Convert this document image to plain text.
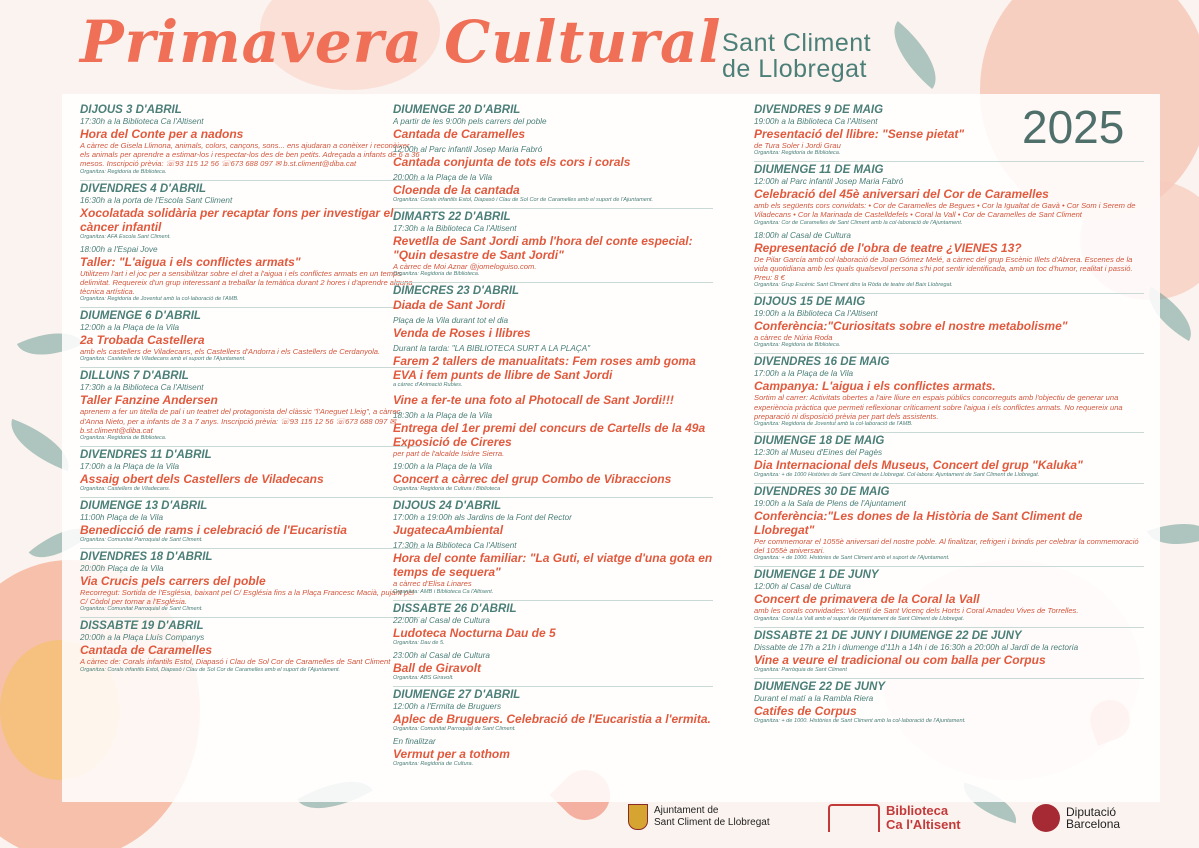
Primavera Cultural Sant Climent
de Llobregat
2025
DIJOUS 3 D'ABRIL
17:30h a la Biblioteca Ca l'Altisent
Hora del Conte per a nadons
A càrrec de Gisela Llimona, animals, colors, cançons, sons... ens ajudaran a conèixer i reconèixer els animals per aprendre a estimar-los i respectar-los des de ben petits. Adreçada a infants de 6 a 36 mesos. Inscripció prèvia: ☏93 115 12 56 ☏673 688 097 ✉ b.st.climent@diba.cat
Organitza: Regidoria de Biblioteca.
DIVENDRES 4 D'ABRIL
16:30h a la porta de l'Escola Sant Climent
Xocolatada solidària per recaptar fons per investigar el càncer infantil
Organitza: AFA Escola Sant Climent.
18:00h a l'Espai Jove
Taller: "L'aigua i els conflictes armats"
Utilitzem l'art i el joc per a sensibilitzar sobre el dret a l'aigua i els conflictes armats en un temps delimitat. Requereix d'un grup interessant a treballar la temàtica durant 2 hores i d'aprendre alguna tècnica artística.
Organitza: Regidoria de Joventut amb la col·laboració de l'AMB.
DIUMENGE 6 D'ABRIL
12:00h a la Plaça de la Vila
2a Trobada Castellera
amb els castellers de Viladecans, els Castellers d'Andorra i els Castellers de Cerdanyola.
Organitza: Castellers de Viladecans amb el suport de l'Ajuntament.
DILLUNS 7 D'ABRIL
17:30h a la Biblioteca Ca l'Altisent
Taller Fanzine Andersen
aprenem a fer un titella de pal i un teatret del protagonista del clàssic "l'Aneguet Lleig", a càrrec d'Anna Nieto, per a infants de 3 a 7 anys. Inscripció prèvia: ☏93 115 12 56 ☏673 688 097 ✉ b.st.climent@diba.cat
Organitza: Regidoria de Biblioteca.
DIVENDRES 11 D'ABRIL
17:00h a la Plaça de la Vila
Assaig obert dels Castellers de Viladecans
Organitza: Castellers de Viladecans.
DIUMENGE 13 D'ABRIL
11:00h Plaça de la Vila
Benedicció de rams i celebració de l'Eucaristia
Organitza: Comunitat Parroquial de Sant Climent.
DIVENDRES 18 D'ABRIL
20:00h Plaça de la Vila
Via Crucis pels carrers del poble
Recorregut: Sortida de l'Església, baixant pel C/ Església fins a la Plaça Francesc Macià, pujant pel C/ Còdol per tornar a l'Església.
Organitza: Comunitat Parroquial de Sant Climent.
DISSABTE 19 D'ABRIL
20:00h a la Plaça Lluís Companys
Cantada de Caramelles
A càrrec de: Corals infantils Estol, Diapasó i Clau de Sol Cor de Caramelles de Sant Climent
Organitza: Corals infantils Estol, Diapasó i Clau de Sol Cor de Caramelles amb el suport de l'Ajuntament.
DIUMENGE 20 D'ABRIL
A partir de les 9:00h pels carrers del poble
Cantada de Caramelles
12:00h al Parc infantil Josep Maria Fabró
Cantada conjunta de tots els cors i corals
20:00h a la Plaça de la Vila
Cloenda de la cantada
Organitza: Corals infantils Estol, Diapasó i Clau de Sol Cor de Caramelles amb el suport de l'Ajuntament.
DIMARTS 22 D'ABRIL
17:30h a la Biblioteca Ca l'Altisent
Revetlla de Sant Jordi amb l'hora del conte especial: "Quin desastre de Sant Jordi"
A càrrec de Moi Aznar @jomeloguiso.com.
Organitza: Regidoria de Biblioteca.
DIMECRES 23 D'ABRIL
Diada de Sant Jordi
Plaça de la Vila durant tot el dia
Venda de Roses i llibres
Durant la tarda: "LA BIBLIOTECA SURT A LA PLAÇA"
Farem 2 tallers de manualitats: Fem roses amb goma EVA i fem punts de llibre de Sant Jordi
a càrrec d'Animació Rubies.
Vine a fer-te una foto al Photocall de Sant Jordi!!!
18:30h a la Plaça de la Vila
Entrega del 1er premi del concurs de Cartells de la 49a Exposició de Cireres
per part de l'alcalde Isidre Sierra.
19:00h a la Plaça de la Vila
Concert a càrrec del grup Combo de Vibraccions
Organitza: Regidoria de Cultura i Biblioteca
DIJOUS 24 D'ABRIL
17:00h a 19:00h als Jardins de la Font del Rector
JugatecaAmbiental
17:30h a la Biblioteca Ca l'Altisent
Hora del conte familiar: "La Guti, el viatge d'una gota en temps de sequera"
a càrrec d'Elisa Linares
Organitza: AMB i Biblioteca Ca l'Altisent.
DISSABTE 26 D'ABRIL
22:00h al Casal de Cultura
Ludoteca Nocturna Dau de 5
Organitza: Dau de 5.
23:00h al Casal de Cultura
Ball de Giravolt
Organitza: ABS Giravolt.
DIUMENGE 27 D'ABRIL
12:00h a l'Ermita de Bruguers
Aplec de Bruguers. Celebració de l'Eucaristia a l'ermita.
Organitza: Comunitat Parroquial de Sant Climent.
En finalitzar
Vermut per a tothom
Organitza: Regidoria de Cultura.
DIVENDRES 9 DE MAIG
19:00h a la Biblioteca Ca l'Altisent
Presentació del llibre: "Sense pietat"
de Tura Soler i Jordi Grau
Organitza: Regidoria de Biblioteca.
DIUMENGE 11 DE MAIG
12:00h al Parc infantil Josep Maria Fabró
Celebració del 45è aniversari del Cor de Caramelles
amb els següents cors convidats: • Cor de Caramelles de Begues • Cor la Igualtat de Gavà • Cor Som i Serem de Viladecans • Cor la Marinada de Castelldefels • Coral la Vall • Cor de Caramelles de Sant Climent
Organitza: Cor de Caramelles de Sant Climent amb la col·laboració de l'Ajuntament.
18:00h al Casal de Cultura
Representació de l'obra de teatre ¿VIENES 13?
De Pilar García amb col·laboració de Joan Gómez Melé, a càrrec del grup Escènic Illets d'Abrera. Escenes de la vida quotidiana amb les quals qualsevol persona s'hi pot sentir identificada, amb un toc d'humor, realitat i passió. Preu: 8 €
Organitza: Grup Escènic Sant Climent dins la Ròda de teatre del Baix Llobregat.
DIJOUS 15 DE MAIG
19:00h a la Biblioteca Ca l'Altisent
Conferència:"Curiositats sobre el nostre metabolisme"
a càrrec de Núria Roda
Organitza: Regidoria de Biblioteca.
DIVENDRES 16 DE MAIG
17:00h a la Plaça de la Vila
Campanya: L'aigua i els conflictes armats.
Sortim al carrer: Activitats obertes a l'aire lliure en espais públics concorreguts amb l'objectiu de generar una experiència pràctica que permeti reflexionar críticament sobre l'aigua i els conflictes armats. No requereix una preparació ni disposició prèvia per part dels assistents.
Organitza: Regidoria de Joventut amb la col·laboració de l'AMB.
DIUMENGE 18 DE MAIG
12:30h al Museu d'Eines del Pagès
Dia Internacional dels Museus, Concert del grup "Kaluka"
Organitza: + de 1000 Històries de Sant Climent de Llobregat. Col·labora: Ajuntament de Sant Climent de Llobregat.
DIVENDRES 30 DE MAIG
19:00h a la Sala de Plens de l'Ajuntament
Conferència:"Les dones de la Història de Sant Climent de Llobregat"
Per commemorar el 1055è aniversari del nostre poble. Al finalitzar, refrigeri i brindis per celebrar la commemoració del 1055è aniversari.
Organitza: + de 1000. Històries de Sant Climent amb el suport de l'Ajuntament.
DIUMENGE 1 DE JUNY
12:00h al Casal de Cultura
Concert de primavera de la Coral la Vall
amb les corals convidades: Vicentí de Sant Vicenç dels Horts i Coral Amadeu Vives de Torrelles.
Organitza: Coral La Vall amb el suport de l'Ajuntament de Sant Climent de Llobregat.
DISSABTE 21 DE JUNY I DIUMENGE 22 DE JUNY
Dissabte de 17h a 21h i diumenge d'11h a 14h i de 16:30h a 20:00h al Jardí de la rectoria
Vine a veure el tradicional ou com balla per Corpus
Organitza: Parròquia de Sant Climent
DIUMENGE 22 DE JUNY
Durant el matí a la Rambla Riera
Catifes de Corpus
Organitza: + de 1000. Històries de Sant Climent amb la col·laboració de l'Ajuntament.
Ajuntament de
Sant Climent de Llobregat
Biblioteca
Ca l'Altisent
Diputació
Barcelona
